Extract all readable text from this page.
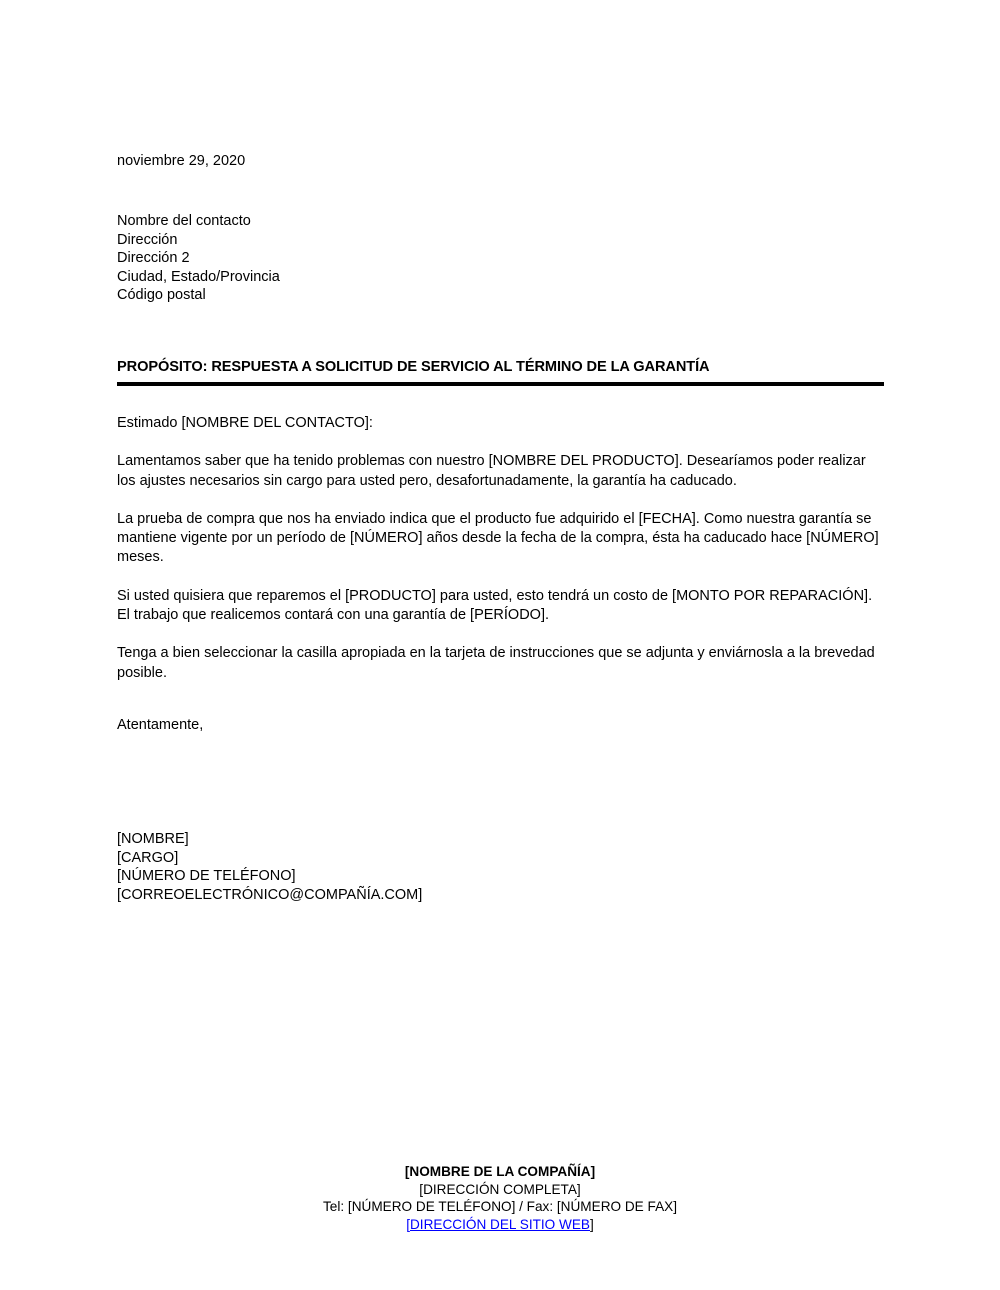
noviembre 29, 2020
Nombre del contacto
Dirección
Dirección 2
Ciudad, Estado/Provincia
Código postal
PROPÓSITO: RESPUESTA A SOLICITUD DE SERVICIO AL TÉRMINO DE LA GARANTÍA

Estimado [NOMBRE DEL CONTACTO]:

Lamentamos saber que ha tenido problemas con nuestro [NOMBRE DEL PRODUCTO]. Desearíamos poder realizar los ajustes necesarios sin cargo para usted pero, desafortunadamente, la garantía ha caducado.

La prueba de compra que nos ha enviado indica que el producto fue adquirido el [FECHA]. Como nuestra garantía se mantiene vigente por un período de [NÚMERO] años desde la fecha de la compra, ésta ha caducado hace [NÚMERO] meses.

Si usted quisiera que reparemos el [PRODUCTO] para usted, esto tendrá un costo de [MONTO POR REPARACIÓN]. El trabajo que realicemos contará con una garantía de [PERÍODO].

Tenga a bien seleccionar la casilla apropiada en la tarjeta de instrucciones que se adjunta y enviárnosla a la brevedad posible.

Atentamente,

[NOMBRE]
[CARGO]
[NÚMERO DE TELÉFONO]
[CORREOELECTRÓNICO@COMPAÑÍA.COM]
[NOMBRE DE LA COMPAÑÍA]
[DIRECCIÓN COMPLETA]
Tel: [NÚMERO DE TELÉFONO] / Fax: [NÚMERO DE FAX]
[DIRECCIÓN DEL SITIO WEB]
